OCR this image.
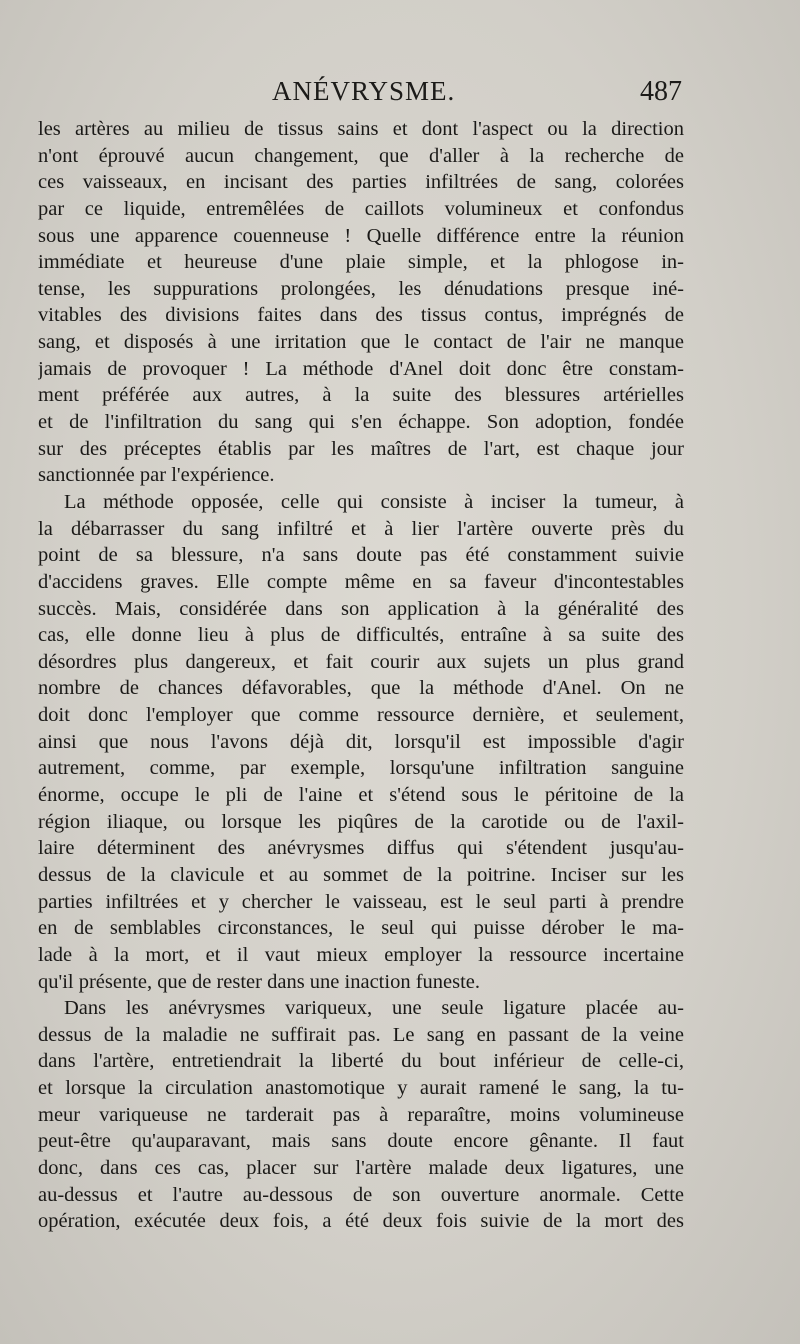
ANÉVRYSME.	487
les artères au milieu de tissus sains et dont l'aspect ou la direction
n'ont éprouvé aucun changement, que d'aller à la recherche de
ces vaisseaux, en incisant des parties infiltrées de sang, colorées
par ce liquide, entremêlées de caillots volumineux et confondus
sous une apparence couenneuse ! Quelle différence entre la réunion
immédiate et heureuse d'une plaie simple, et la phlogose in-
tense, les suppurations prolongées, les dénudations presque iné-
vitables des divisions faites dans des tissus contus, imprégnés de
sang, et disposés à une irritation que le contact de l'air ne manque
jamais de provoquer ! La méthode d'Anel doit donc être constam-
ment préférée aux autres, à la suite des blessures artérielles
et de l'infiltration du sang qui s'en échappe. Son adoption, fondée
sur des préceptes établis par les maîtres de l'art, est chaque jour
sanctionnée par l'expérience.
La méthode opposée, celle qui consiste à inciser la tumeur, à
la débarrasser du sang infiltré et à lier l'artère ouverte près du
point de sa blessure, n'a sans doute pas été constamment suivie
d'accidens graves. Elle compte même en sa faveur d'incontestables
succès. Mais, considérée dans son application à la généralité des
cas, elle donne lieu à plus de difficultés, entraîne à sa suite des
désordres plus dangereux, et fait courir aux sujets un plus grand
nombre de chances défavorables, que la méthode d'Anel. On ne
doit donc l'employer que comme ressource dernière, et seulement,
ainsi que nous l'avons déjà dit, lorsqu'il est impossible d'agir
autrement, comme, par exemple, lorsqu'une infiltration sanguine
énorme, occupe le pli de l'aine et s'étend sous le péritoine de la
région iliaque, ou lorsque les piqûres de la carotide ou de l'axil-
laire déterminent des anévrysmes diffus qui s'étendent jusqu'au-
dessus de la clavicule et au sommet de la poitrine. Inciser sur les
parties infiltrées et y chercher le vaisseau, est le seul parti à prendre
en de semblables circonstances, le seul qui puisse dérober le ma-
lade à la mort, et il vaut mieux employer la ressource incertaine
qu'il présente, que de rester dans une inaction funeste.
Dans les anévrysmes variqueux, une seule ligature placée au-
dessus de la maladie ne suffirait pas. Le sang en passant de la veine
dans l'artère, entretiendrait la liberté du bout inférieur de celle-ci,
et lorsque la circulation anastomotique y aurait ramené le sang, la tu-
meur variqueuse ne tarderait pas à reparaître, moins volumineuse
peut-être qu'auparavant, mais sans doute encore gênante. Il faut
donc, dans ces cas, placer sur l'artère malade deux ligatures, une
au-dessus et l'autre au-dessous de son ouverture anormale. Cette
opération, exécutée deux fois, a été deux fois suivie de la mort des
